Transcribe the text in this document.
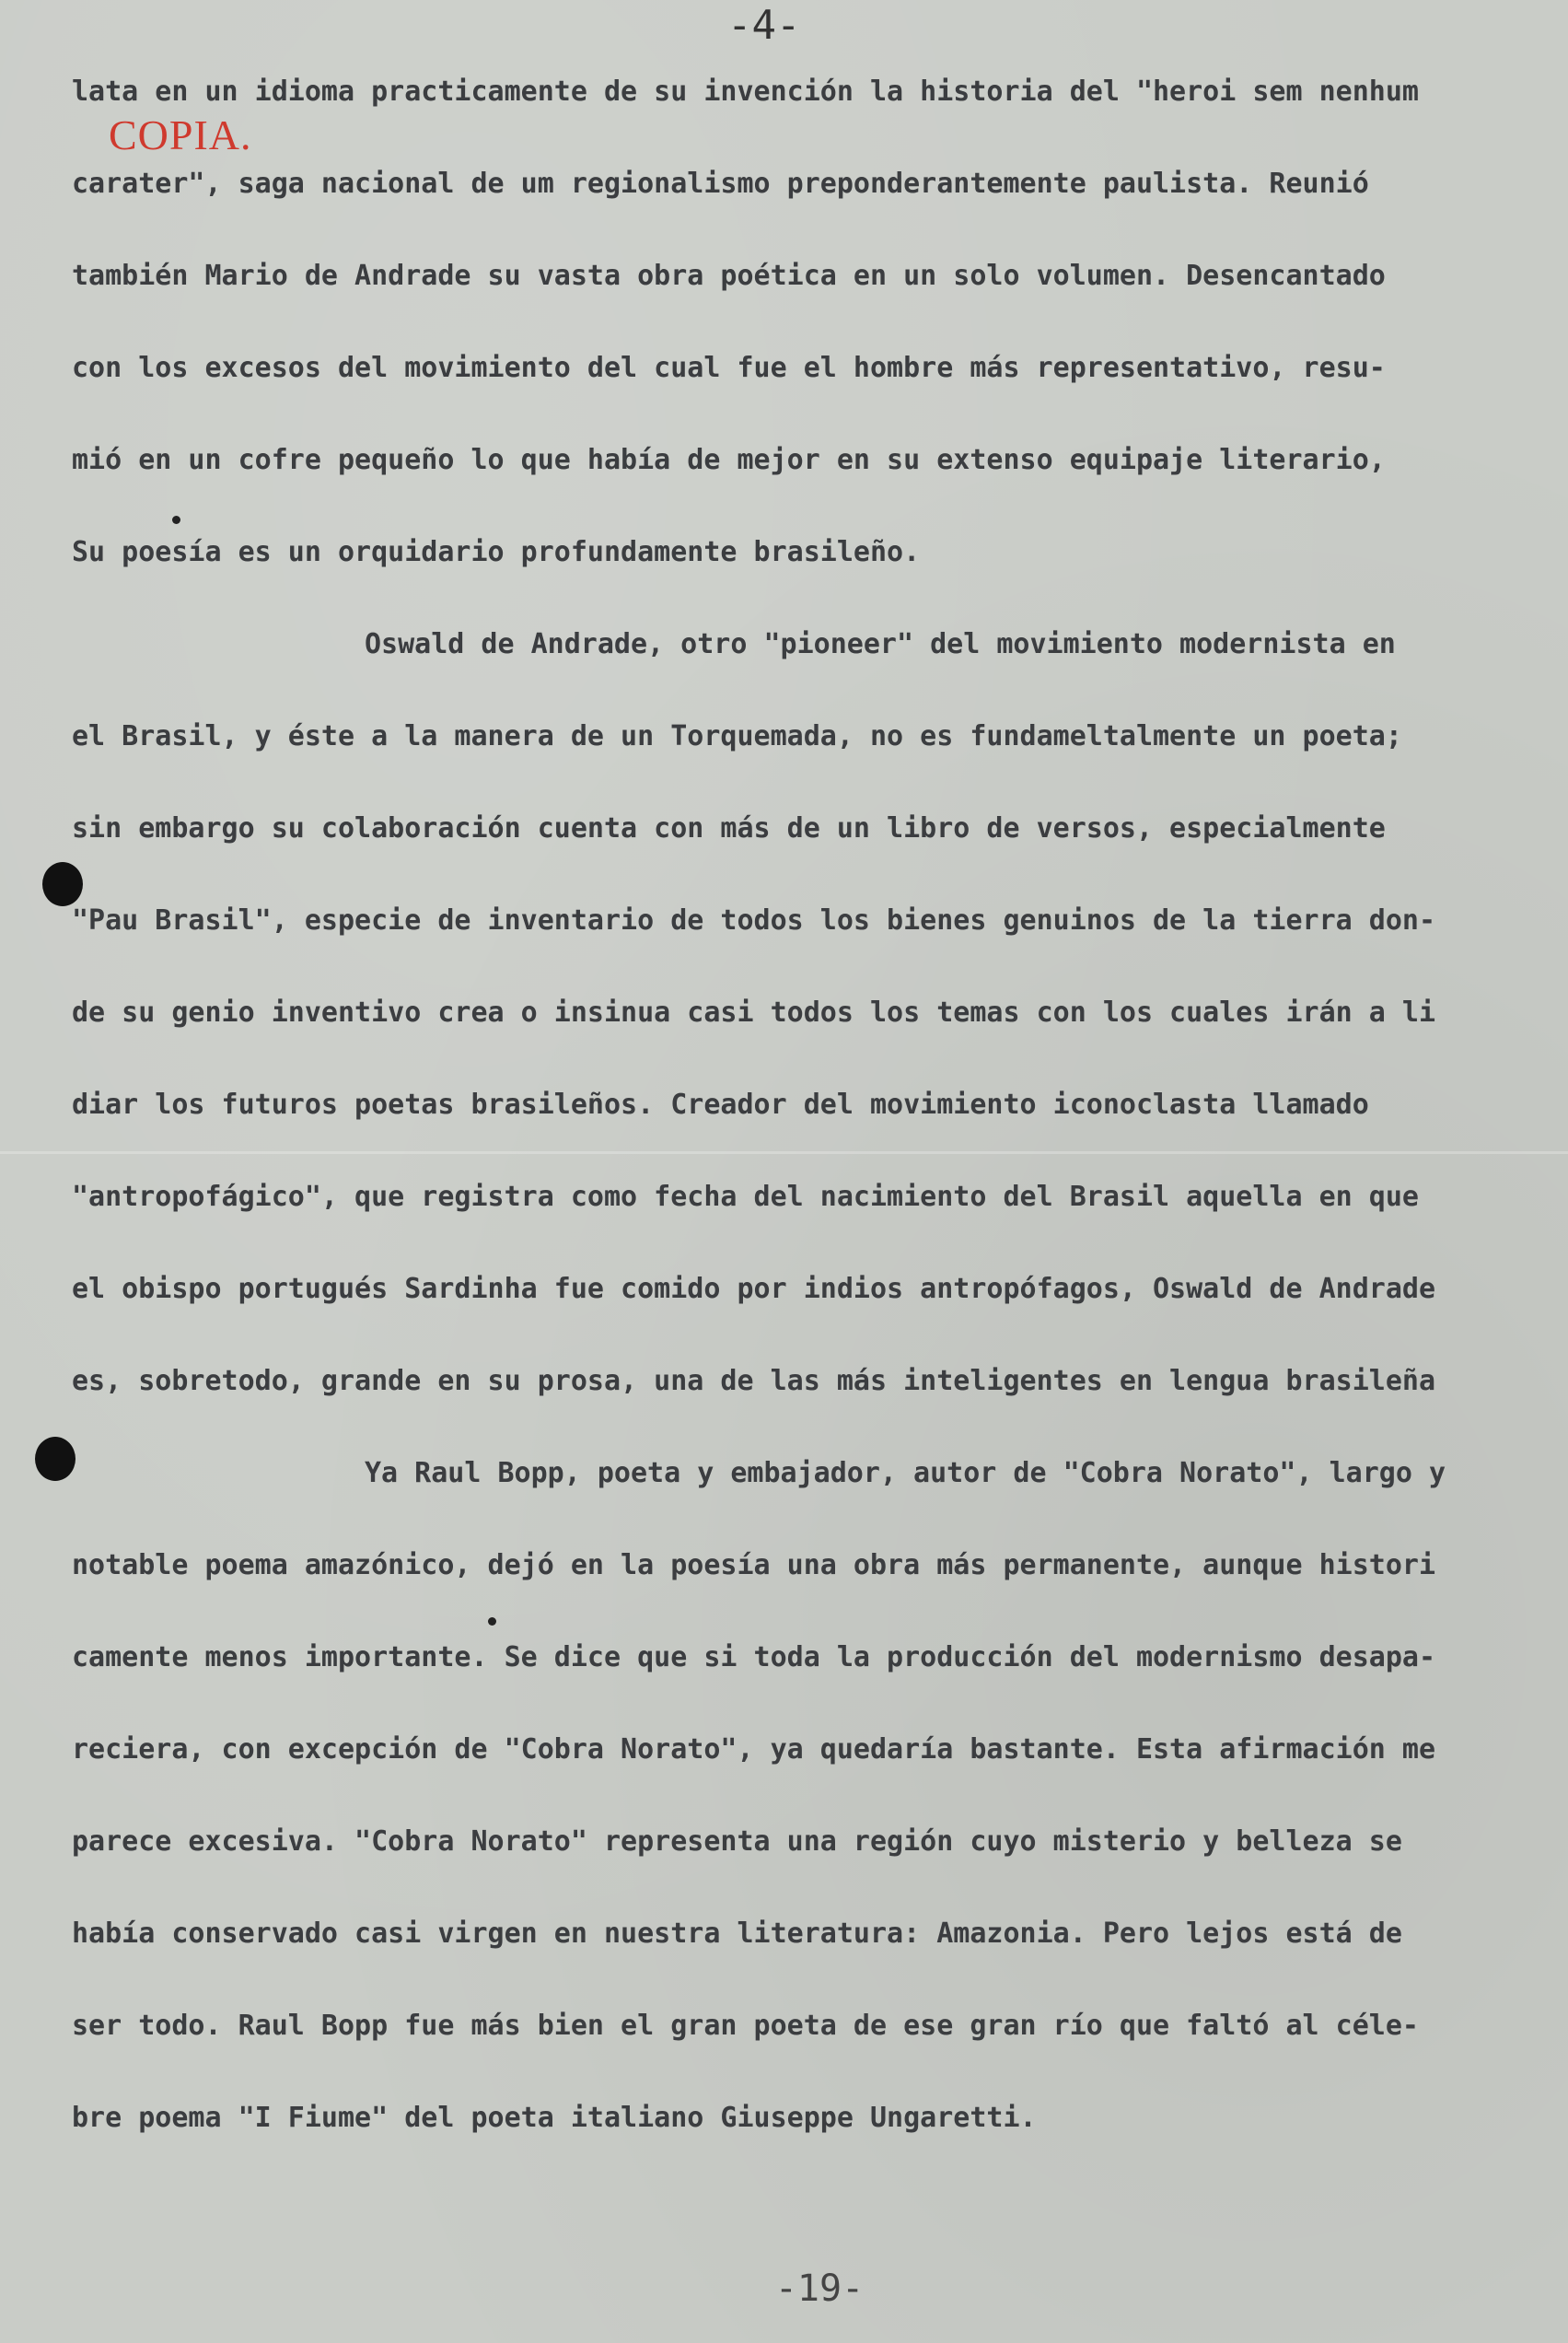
-4-
COPIA.
lata en un idioma practicamente de su invención la historia del "heroi sem nenhum
carater", saga nacional de um regionalismo preponderantemente paulista. Reunió
también Mario de Andrade su vasta obra poética en un solo volumen. Desencantado
con los excesos del movimiento del cual fue el hombre más representativo, resu-
mió en un cofre pequeño lo que había de mejor en su extenso equipaje literario,
Su poesía es un orquidario profundamente brasileño.
Oswald de Andrade, otro "pioneer" del movimiento modernista en
el Brasil, y éste a la manera de un Torquemada, no es fundameltalmente un poeta;
sin embargo su colaboración cuenta con más de un libro de versos, especialmente
"Pau Brasil", especie de inventario de todos los bienes genuinos de la tierra don-
de su genio inventivo crea o insinua casi todos los temas con los cuales irán a li
diar los futuros poetas brasileños. Creador del movimiento iconoclasta llamado
"antropofágico", que registra como fecha del nacimiento del Brasil aquella en que
el obispo portugués Sardinha fue comido por indios antropófagos, Oswald de Andrade
es, sobretodo, grande en su prosa, una de las más inteligentes en lengua brasileña
Ya Raul Bopp, poeta y embajador, autor de "Cobra Norato", largo y
notable poema amazónico, dejó en la poesía una obra más permanente, aunque histori
camente menos importante. Se dice que si toda la producción del modernismo desapa-
reciera, con excepción de "Cobra Norato", ya quedaría bastante. Esta afirmación me
parece excesiva. "Cobra Norato" representa una región cuyo misterio y belleza se
había conservado casi virgen en nuestra literatura: Amazonia. Pero lejos está de
ser todo. Raul Bopp fue más bien el gran poeta de ese gran río que faltó al céle-
bre poema "I Fiume" del poeta italiano Giuseppe Ungaretti.
-19-
